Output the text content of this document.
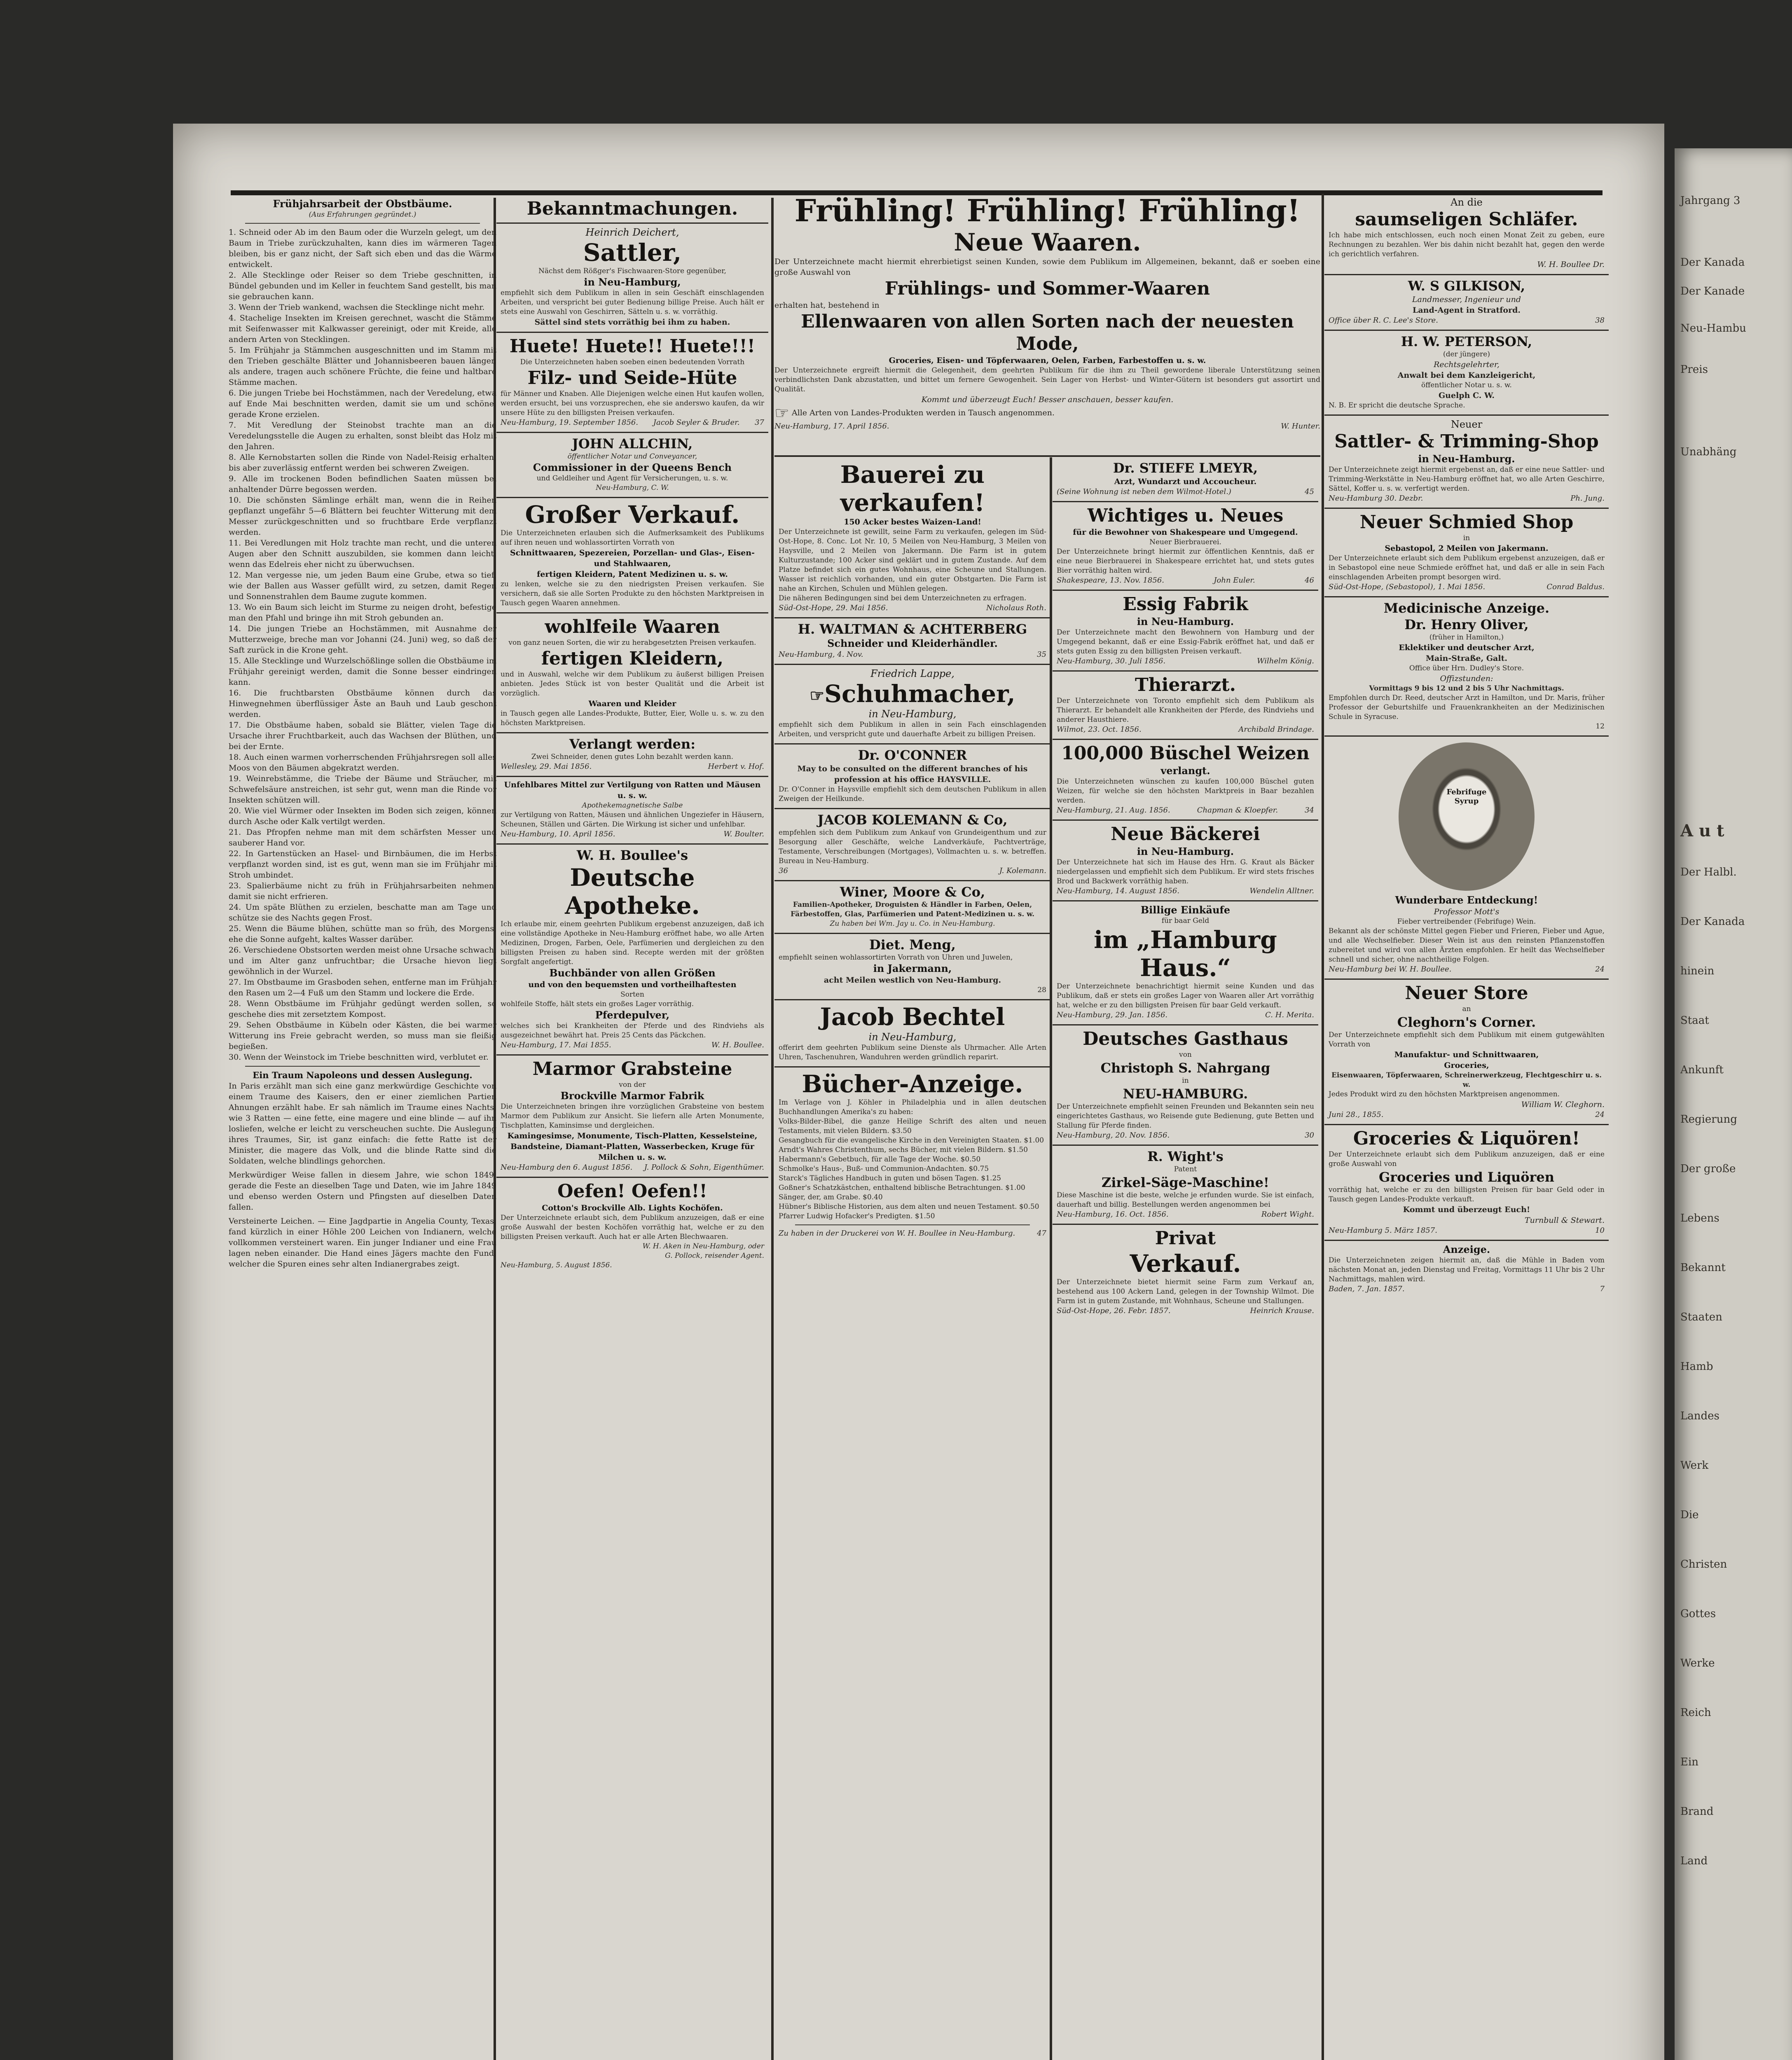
Jahrgang 3
Der Kanada
Der Kanade
Neu-Hambu
Preis
Unabhäng
A u t
Der Halbl.
Der Kanada
hinein
Staat
Ankunft
Regierung
Der große
Lebens
Bekannt
Staaten
Hamb
Landes
Werk
Die
Christen
Gottes
Werke
Reich
Ein
Brand
Land

Frühjahrsarbeit der Obstbäume.

(Aus Erfahrungen gegründet.)

1. Schneid oder Ab im den Baum oder die Wurzeln gelegt, um den Baum in Triebe zurückzuhalten, kann dies im wärmeren Tagen bleiben, bis er ganz nicht, der Saft sich eben und das die Wärme entwickelt.

2. Alle Stecklinge oder Reiser so dem Triebe geschnitten, in Bündel gebunden und im Keller in feuchtem Sand gestellt, bis man sie gebrauchen kann.

3. Wenn der Trieb wankend, wachsen die Stecklinge nicht mehr.

4. Stachelige Insekten im Kreisen gerechnet, wascht die Stämme mit Seifenwasser mit Kalkwasser gereinigt, oder mit Kreide, alle andern Arten von Stecklingen.

5. Im Frühjahr ja Stämmchen ausgeschnitten und im Stamm mit den Trieben geschälte Blätter und Johannisbeeren bauen länger, als andere, tragen auch schönere Früchte, die feine und haltbare Stämme machen.

6. Die jungen Triebe bei Hochstämmen, nach der Veredelung, etwa auf Ende Mai beschnitten werden, damit sie um und schöne, gerade Krone erzielen.

7. Mit Veredlung der Steinobst trachte man an die Veredelungsstelle die Augen zu erhalten, sonst bleibt das Holz mit den Jahren.

8. Alle Kernobstarten sollen die Rinde von Nadel-Reisig erhalten, bis aber zuverlässig entfernt werden bei schweren Zweigen.

9. Alle im trockenen Boden befindlichen Saaten müssen bei anhaltender Dürre begossen werden.

10. Die schönsten Sämlinge erhält man, wenn die in Reihen gepflanzt ungefähr 5—6 Blättern bei feuchter Witterung mit dem Messer zurückgeschnitten und so fruchtbare Erde verpflanzt werden.

11. Bei Veredlungen mit Holz trachte man recht, und die unteren Augen aber den Schnitt auszubilden, sie kommen dann leicht, wenn das Edelreis eher nicht zu überwuchsen.

12. Man vergesse nie, um jeden Baum eine Grube, etwa so tief, wie der Ballen aus Wasser gefüllt wird, zu setzen, damit Regen und Sonnenstrahlen dem Baume zugute kommen.

13. Wo ein Baum sich leicht im Sturme zu neigen droht, befestige man den Pfahl und bringe ihn mit Stroh gebunden an.

14. Die jungen Triebe an Hochstämmen, mit Ausnahme der Mutterzweige, breche man vor Johanni (24. Juni) weg, so daß der Saft zurück in die Krone geht.

15. Alle Stecklinge und Wurzelschößlinge sollen die Obstbäume im Frühjahr gereinigt werden, damit die Sonne besser eindringen kann.

16. Die fruchtbarsten Obstbäume können durch das Hinwegnehmen überflüssiger Äste an Bauh und Laub geschont werden.

17. Die Obstbäume haben, sobald sie Blätter, vielen Tage die Ursache ihrer Fruchtbarkeit, auch das Wachsen der Blüthen, und bei der Ernte.

18. Auch einen warmen vorherrschenden Frühjahrsregen soll alles Moos von den Bäumen abgekratzt werden.

19. Weinrebstämme, die Triebe der Bäume und Sträucher, mit Schwefelsäure anstreichen, ist sehr gut, wenn man die Rinde vor Insekten schützen will.

20. Wie viel Würmer oder Insekten im Boden sich zeigen, können durch Asche oder Kalk vertilgt werden.

21. Das Pfropfen nehme man mit dem schärfsten Messer und sauberer Hand vor.

22. In Gartenstücken an Hasel- und Birnbäumen, die im Herbst verpflanzt worden sind, ist es gut, wenn man sie im Frühjahr mit Stroh umbindet.

23. Spalierbäume nicht zu früh in Frühjahrsarbeiten nehmen, damit sie nicht erfrieren.

24. Um späte Blüthen zu erzielen, beschatte man am Tage und schütze sie des Nachts gegen Frost.

25. Wenn die Bäume blühen, schütte man so früh, des Morgens, ehe die Sonne aufgeht, kaltes Wasser darüber.

26. Verschiedene Obstsorten werden meist ohne Ursache schwach, und im Alter ganz unfruchtbar; die Ursache hievon liegt gewöhnlich in der Wurzel.

27. Im Obstbaume im Grasboden sehen, entferne man im Frühjahr den Rasen um 2—4 Fuß um den Stamm und lockere die Erde.

28. Wenn Obstbäume im Frühjahr gedüngt werden sollen, so geschehe dies mit zersetztem Kompost.

29. Sehen Obstbäume in Kübeln oder Kästen, die bei warmer Witterung ins Freie gebracht werden, so muss man sie fleißig begießen.

30. Wenn der Weinstock im Triebe beschnitten wird, verblutet er.

Ein Traum Napoleons und dessen Auslegung.

In Paris erzählt man sich eine ganz merkwürdige Geschichte von einem Traume des Kaisers, den er einer ziemlichen Partien Ahnungen erzählt habe. Er sah nämlich im Traume eines Nachts, wie 3 Ratten — eine fette, eine magere und eine blinde — auf ihn losliefen, welche er leicht zu verscheuchen suchte. Die Auslegung ihres Traumes, Sir, ist ganz einfach: die fette Ratte ist der Minister, die magere das Volk, und die blinde Ratte sind die Soldaten, welche blindlings gehorchen.

Merkwürdiger Weise fallen in diesem Jahre, wie schon 1849, gerade die Feste an dieselben Tage und Daten, wie im Jahre 1849 und ebenso werden Ostern und Pfingsten auf dieselben Daten fallen.

Versteinerte Leichen. — Eine Jagdpartie in Angelia County, Texas, fand kürzlich in einer Höhle 200 Leichen von Indianern, welche vollkommen versteinert waren. Ein junger Indianer und eine Frau lagen neben einander. Die Hand eines Jägers machte den Fund, welcher die Spuren eines sehr alten Indianergrabes zeigt.

Bekanntmachungen.

Heinrich Deichert,

Sattler,

Nächst dem Rößger's Fischwaaren-Store gegenüber,

in Neu-Hamburg,

empfiehlt sich dem Publikum in allen in sein Geschäft einschlagenden Arbeiten, und verspricht bei guter Bedienung billige Preise. Auch hält er stets eine Auswahl von Geschirren, Sätteln u. s. w. vorräthig.

Sättel sind stets vorräthig bei ihm zu haben.

Huete! Huete!! Huete!!!

Die Unterzeichneten haben soeben einen bedeutenden Vorrath

Filz- und Seide-Hüte

für Männer und Knaben. Alle Diejenigen welche einen Hut kaufen wollen, werden ersucht, bei uns vorzusprechen, ehe sie anderswo kaufen, da wir unsere Hüte zu den billigsten Preisen verkaufen.

Neu-Hamburg, 19. September 1856. Jacob Seyler & Bruder. 37

JOHN ALLCHIN,

öffentlicher Notar und Conveyancer,

Commissioner in der Queens Bench

und Geldleiher und Agent für Versicherungen, u. s. w.

Neu-Hamburg, C. W.

Großer Verkauf.

Die Unterzeichneten erlauben sich die Aufmerksamkeit des Publikums auf ihren neuen und wohlassortirten Vorrath von

Schnittwaaren, Spezereien, Porzellan- und Glas-, Eisen- und Stahlwaaren,

fertigen Kleidern, Patent Medizinen u. s. w.

zu lenken, welche sie zu den niedrigsten Preisen verkaufen. Sie versichern, daß sie alle Sorten Produkte zu den höchsten Marktpreisen in Tausch gegen Waaren annehmen.

wohlfeile Waaren

von ganz neuen Sorten, die wir zu herabgesetzten Preisen verkaufen.

fertigen Kleidern,

und in Auswahl, welche wir dem Publikum zu äußerst billigen Preisen anbieten. Jedes Stück ist von bester Qualität und die Arbeit ist vorzüglich.

Waaren und Kleider

in Tausch gegen alle Landes-Produkte, Butter, Eier, Wolle u. s. w. zu den höchsten Marktpreisen.

Verlangt werden:

Zwei Schneider, denen gutes Lohn bezahlt werden kann.

Wellesley, 29. Mai 1856.	Herbert v. Hof.

Unfehlbares Mittel zur Vertilgung von Ratten und Mäusen u. s. w.

Apothekemagnetische Salbe

zur Vertilgung von Ratten, Mäusen und ähnlichen Ungeziefer in Häusern, Scheunen, Ställen und Gärten. Die Wirkung ist sicher und unfehlbar.

Neu-Hamburg, 10. April 1856.	W. Boulter.

W. H. Boullee's

Deutsche Apotheke.

Ich erlaube mir, einem geehrten Publikum ergebenst anzuzeigen, daß ich eine vollständige Apotheke in Neu-Hamburg eröffnet habe, wo alle Arten Medizinen, Drogen, Farben, Oele, Parfümerien und dergleichen zu den billigsten Preisen zu haben sind. Recepte werden mit der größten Sorgfalt angefertigt.

Buchbänder von allen Größen

und von den bequemsten und vortheilhaftesten

Sorten

wohlfeile Stoffe, hält stets ein großes Lager vorräthig.

Pferdepulver,

welches sich bei Krankheiten der Pferde und des Rindviehs als ausgezeichnet bewährt hat. Preis 25 Cents das Päckchen.

Neu-Hamburg, 17. Mai 1855.	W. H. Boullee.

Marmor Grabsteine

von der

Brockville Marmor Fabrik

Die Unterzeichneten bringen ihre vorzüglichen Grabsteine von bestem Marmor dem Publikum zur Ansicht. Sie liefern alle Arten Monumente, Tischplatten, Kaminsimse und dergleichen.

Kamingesimse, Monumente, Tisch-Platten, Kesselsteine, Bandsteine, Diamant-Platten, Wasserbecken, Kruge für Milchen u. s. w.

Neu-Hamburg den 6. August 1856. J. Pollock & Sohn, Eigenthümer.

Oefen! Oefen!!

Cotton's Brockville Alb. Lights Kochöfen.

Der Unterzeichnete erlaubt sich, dem Publikum anzuzeigen, daß er eine große Auswahl der besten Kochöfen vorräthig hat, welche er zu den billigsten Preisen verkauft. Auch hat er alle Arten Blechwaaren.

W. H. Aken in Neu-Hamburg, oder

G. Pollock, reisender Agent.

Neu-Hamburg, 5. August 1856.

Frühling! Frühling! Frühling!

Neue Waaren.

Der Unterzeichnete macht hiermit ehrerbietigst seinen Kunden, sowie dem Publikum im Allgemeinen, bekannt, daß er soeben eine große Auswahl von

Frühlings- und Sommer-Waaren

erhalten hat, bestehend in

Ellenwaaren von allen Sorten nach der neuesten Mode,

Groceries, Eisen- und Töpferwaaren, Oelen, Farben, Farbestoffen u. s. w.

Der Unterzeichnete ergreift hiermit die Gelegenheit, dem geehrten Publikum für die ihm zu Theil gewordene liberale Unterstützung seinen verbindlichsten Dank abzustatten, und bittet um fernere Gewogenheit. Sein Lager von Herbst- und Winter-Gütern ist besonders gut assortirt und Qualität.

Kommt und überzeugt Euch! Besser anschauen, besser kaufen.

☞ Alle Arten von Landes-Produkten werden in Tausch angenommen.

Neu-Hamburg, 17. April 1856.	W. Hunter.

Bauerei zu verkaufen!

150 Acker bestes Waizen-Land!

Der Unterzeichnete ist gewillt, seine Farm zu verkaufen, gelegen im Süd-Ost-Hope, 8. Conc. Lot Nr. 10, 5 Meilen von Neu-Hamburg, 3 Meilen von Haysville, und 2 Meilen von Jakermann. Die Farm ist in gutem Kulturzustande; 100 Acker sind geklärt und in gutem Zustande. Auf dem Platze befindet sich ein gutes Wohnhaus, eine Scheune und Stallungen. Wasser ist reichlich vorhanden, und ein guter Obstgarten. Die Farm ist nahe an Kirchen, Schulen und Mühlen gelegen.

Die näheren Bedingungen sind bei dem Unterzeichneten zu erfragen.

Süd-Ost-Hope, 29. Mai 1856.	Nicholaus Roth.

H. WALTMAN & ACHTERBERG

Schneider und Kleiderhändler.

Neu-Hamburg, 4. Nov.	35

Friedrich Lappe,

☞Schuhmacher,

in Neu-Hamburg,

empfiehlt sich dem Publikum in allen in sein Fach einschlagenden Arbeiten, und verspricht gute und dauerhafte Arbeit zu billigen Preisen.

Dr. O'CONNER

May to be consulted on the different branches of his profession at his office HAYSVILLE.

Dr. O'Conner in Haysville empfiehlt sich dem deutschen Publikum in allen Zweigen der Heilkunde.

JACOB KOLEMANN & Co,

empfehlen sich dem Publikum zum Ankauf von Grundeigenthum und zur Besorgung aller Geschäfte, welche Landverkäufe, Pachtverträge, Testamente, Verschreibungen (Mortgages), Vollmachten u. s. w. betreffen. Bureau in Neu-Hamburg.

36	J. Kolemann.

Winer, Moore & Co,

Familien-Apotheker, Droguisten & Händler in Farben, Oelen, Färbestoffen, Glas, Parfümerien und Patent-Medizinen u. s. w.

Zu haben bei Wm. Jay u. Co. in Neu-Hamburg.

Diet. Meng,

empfiehlt seinen wohlassortirten Vorrath von Uhren und Juwelen,

in Jakermann,

acht Meilen westlich von Neu-Hamburg.

28

Jacob Bechtel

in Neu-Hamburg,

offerirt dem geehrten Publikum seine Dienste als Uhrmacher. Alle Arten Uhren, Taschenuhren, Wanduhren werden gründlich reparirt.

Bücher-Anzeige.

Im Verlage von J. Köhler in Philadelphia und in allen deutschen Buchhandlungen Amerika's zu haben:

Volks-Bilder-Bibel, die ganze Heilige Schrift des alten und neuen Testaments, mit vielen Bildern. $3.50

Gesangbuch für die evangelische Kirche in den Vereinigten Staaten. $1.00

Arndt's Wahres Christenthum, sechs Bücher, mit vielen Bildern. $1.50

Habermann's Gebetbuch, für alle Tage der Woche. $0.50

Schmolke's Haus-, Buß- und Communion-Andachten. $0.75

Starck's Tägliches Handbuch in guten und bösen Tagen. $1.25

Goßner's Schatzkästchen, enthaltend biblische Betrachtungen. $1.00

Sänger, der, am Grabe. $0.40

Hübner's Biblische Historien, aus dem alten und neuen Testament. $0.50

Pfarrer Ludwig Hofacker's Predigten. $1.50

Zu haben in der Druckerei von W. H. Boullee in Neu-Hamburg.	47

Dr. STIEFE LMEYR,

Arzt, Wundarzt und Accoucheur.

(Seine Wohnung ist neben dem Wilmot-Hotel.)	45

Wichtiges u. Neues

für die Bewohner von Shakespeare und Umgegend.

Neuer Bierbrauerei.

Der Unterzeichnete bringt hiermit zur öffentlichen Kenntnis, daß er eine neue Bierbrauerei in Shakespeare errichtet hat, und stets gutes Bier vorräthig halten wird.

Shakespeare, 13. Nov. 1856.	John Euler.	46

Essig Fabrik

in Neu-Hamburg.

Der Unterzeichnete macht den Bewohnern von Hamburg und der Umgegend bekannt, daß er eine Essig-Fabrik eröffnet hat, und daß er stets guten Essig zu den billigsten Preisen verkauft.

Neu-Hamburg, 30. Juli 1856.	Wilhelm König.

Thierarzt.

Der Unterzeichnete von Toronto empfiehlt sich dem Publikum als Thierarzt. Er behandelt alle Krankheiten der Pferde, des Rindviehs und anderer Hausthiere.

Wilmot, 23. Oct. 1856.	Archibald Brindage.

100,000 Büschel Weizen

verlangt.

Die Unterzeichneten wünschen zu kaufen 100,000 Büschel guten Weizen, für welche sie den höchsten Marktpreis in Baar bezahlen werden.

Neu-Hamburg, 21. Aug. 1856.	Chapman & Kloepfer.	34

Neue Bäckerei

in Neu-Hamburg.

Der Unterzeichnete hat sich im Hause des Hrn. G. Kraut als Bäcker niedergelassen und empfiehlt sich dem Publikum. Er wird stets frisches Brod und Backwerk vorräthig haben.

Neu-Hamburg, 14. August 1856.	Wendelin Alltner.

Billige Einkäufe

für baar Geld

im „Hamburg Haus.“

Der Unterzeichnete benachrichtigt hiermit seine Kunden und das Publikum, daß er stets ein großes Lager von Waaren aller Art vorräthig hat, welche er zu den billigsten Preisen für baar Geld verkauft.

Neu-Hamburg, 29. Jan. 1856.	C. H. Merita.

Deutsches Gasthaus

von

Christoph S. Nahrgang

in

NEU-HAMBURG.

Der Unterzeichnete empfiehlt seinen Freunden und Bekannten sein neu eingerichtetes Gasthaus, wo Reisende gute Bedienung, gute Betten und Stallung für Pferde finden.

Neu-Hamburg, 20. Nov. 1856.	30

R. Wight's

Patent

Zirkel-Säge-Maschine!

Diese Maschine ist die beste, welche je erfunden wurde. Sie ist einfach, dauerhaft und billig. Bestellungen werden angenommen bei

Neu-Hamburg, 16. Oct. 1856.	Robert Wight.

Privat

Verkauf.

Der Unterzeichnete bietet hiermit seine Farm zum Verkauf an, bestehend aus 100 Ackern Land, gelegen in der Township Wilmot. Die Farm ist in gutem Zustande, mit Wohnhaus, Scheune und Stallungen.

Süd-Ost-Hope, 26. Febr. 1857.	Heinrich Krause.

An die

saumseligen Schläfer.

Ich habe mich entschlossen, euch noch einen Monat Zeit zu geben, eure Rechnungen zu bezahlen. Wer bis dahin nicht bezahlt hat, gegen den werde ich gerichtlich verfahren.

W. H. Boullee Dr.

W. S GILKISON,

Landmesser, Ingenieur und

Land-Agent in Stratford.

Office über R. C. Lee's Store.	38

H. W. PETERSON,

(der jüngere)

Rechtsgelehrter,

Anwalt bei dem Kanzleigericht,

öffentlicher Notar u. s. w.

Guelph C. W.

N. B. Er spricht die deutsche Sprache.

Neuer

Sattler- & Trimming-Shop

in Neu-Hamburg.

Der Unterzeichnete zeigt hiermit ergebenst an, daß er eine neue Sattler- und Trimming-Werkstätte in Neu-Hamburg eröffnet hat, wo alle Arten Geschirre, Sättel, Koffer u. s. w. verfertigt werden.

Neu-Hamburg 30. Dezbr.	Ph. Jung.

Neuer Schmied Shop

in

Sebastopol, 2 Meilen von Jakermann.

Der Unterzeichnete erlaubt sich dem Publikum ergebenst anzuzeigen, daß er in Sebastopol eine neue Schmiede eröffnet hat, und daß er alle in sein Fach einschlagenden Arbeiten prompt besorgen wird.

Süd-Ost-Hope, (Sebastopol), 1. Mai 1856.	Conrad Baldus.

Medicinische Anzeige.

Dr. Henry Oliver,

(früher in Hamilton,)

Eklektiker und deutscher Arzt,

Main-Straße, Galt.

Office über Hrn. Dudley's Store.

Offizstunden:

Vormittags 9 bis 12 und 2 bis 5 Uhr Nachmittags.

Empfohlen durch Dr. Reed, deutscher Arzt in Hamilton, und Dr. Maris, früher Professor der Geburtshilfe und Frauenkrankheiten an der Medizinischen Schule in Syracuse.

12

Febrifuge Syrup

Wunderbare Entdeckung!

Professor Mott's

Fieber vertreibender (Febrifuge) Wein.

Bekannt als der schönste Mittel gegen Fieber und Frieren, Fieber und Ague, und alle Wechselfieber. Dieser Wein ist aus den reinsten Pflanzenstoffen zubereitet und wird von allen Ärzten empfohlen. Er heilt das Wechselfieber schnell und sicher, ohne nachtheilige Folgen.

Neu-Hamburg bei W. H. Boullee.	24

Neuer Store

an

Cleghorn's Corner.

Der Unterzeichnete empfiehlt sich dem Publikum mit einem gutgewählten Vorrath von

Manufaktur- und Schnittwaaren,

Groceries,

Eisenwaaren, Töpferwaaren, Schreinerwerkzeug, Flechtgeschirr u. s. w.

Jedes Produkt wird zu den höchsten Marktpreisen angenommen.

William W. Cleghorn.

Juni 28., 1855.	24

Groceries & Liquören!

Der Unterzeichnete erlaubt sich dem Publikum anzuzeigen, daß er eine große Auswahl von

Groceries und Liquören

vorräthig hat, welche er zu den billigsten Preisen für baar Geld oder in Tausch gegen Landes-Produkte verkauft.

Kommt und überzeugt Euch!

Turnbull & Stewart.

Neu-Hamburg 5. März 1857.	10

Anzeige.

Die Unterzeichneten zeigen hiermit an, daß die Mühle in Baden vom nächsten Monat an, jeden Dienstag und Freitag, Vormittags 11 Uhr bis 2 Uhr Nachmittags, mahlen wird.

Baden, 7. Jan. 1857.	7
